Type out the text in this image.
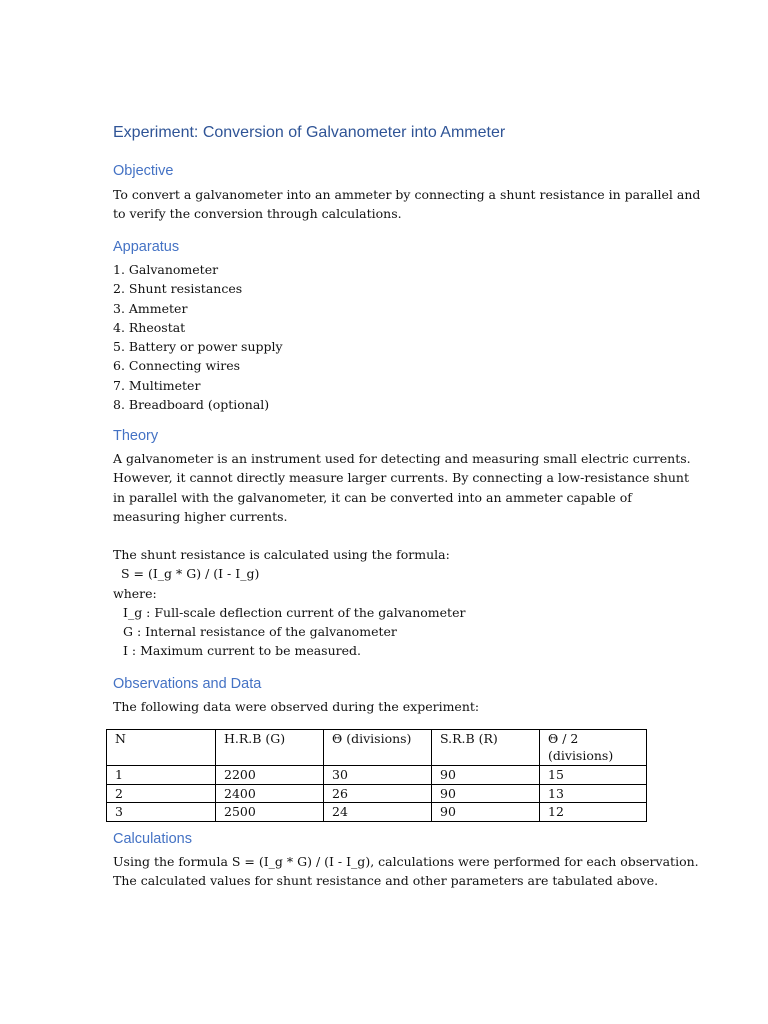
Experiment: Conversion of Galvanometer into Ammeter
Objective
To convert a galvanometer into an ammeter by connecting a shunt resistance in parallel and
to verify the conversion through calculations.
Apparatus
1. Galvanometer
2. Shunt resistances
3. Ammeter
4. Rheostat
5. Battery or power supply
6. Connecting wires
7. Multimeter
8. Breadboard (optional)
Theory
A galvanometer is an instrument used for detecting and measuring small electric currents.
However, it cannot directly measure larger currents. By connecting a low-resistance shunt
in parallel with the galvanometer, it can be converted into an ammeter capable of
measuring higher currents.
The shunt resistance is calculated using the formula:
S = (I_g * G) / (I - I_g)
where:
I_g : Full-scale deflection current of the galvanometer
G : Internal resistance of the galvanometer
I : Maximum current to be measured.
Observations and Data

The following data were observed during the experiment:

N	H.R.B (G)	Θ (divisions)	S.R.B (R)	Θ / 2 (divisions)
1	2200	30	90	15
2	2400	26	90	13
3	2500	24	90	12
Calculations
Using the formula S = (I_g * G) / (I - I_g), calculations were performed for each observation.
The calculated values for shunt resistance and other parameters are tabulated above.
